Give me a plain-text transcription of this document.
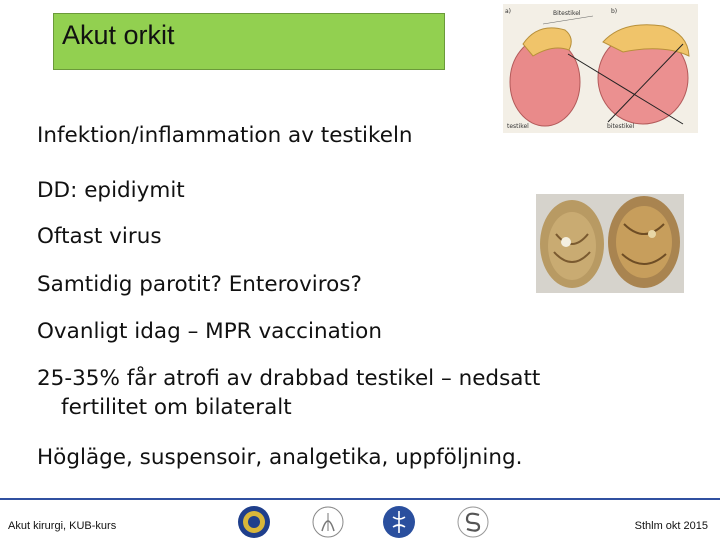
Akut orkit
a)	b)
Bitestikel
testikel	bitestikel

Infektion/inflammation av testikeln

DD: epidiymit

Oftast virus

Samtidig parotit? Enteroviros?

Ovanligt idag – MPR vaccination

25-35% får atrofi av drabbad testikel – nedsatt

fertilitet om bilateralt

Högläge, suspensoir, analgetika, uppföljning.

Akut kirurgi, KUB-kurs	Sthlm okt 2015
